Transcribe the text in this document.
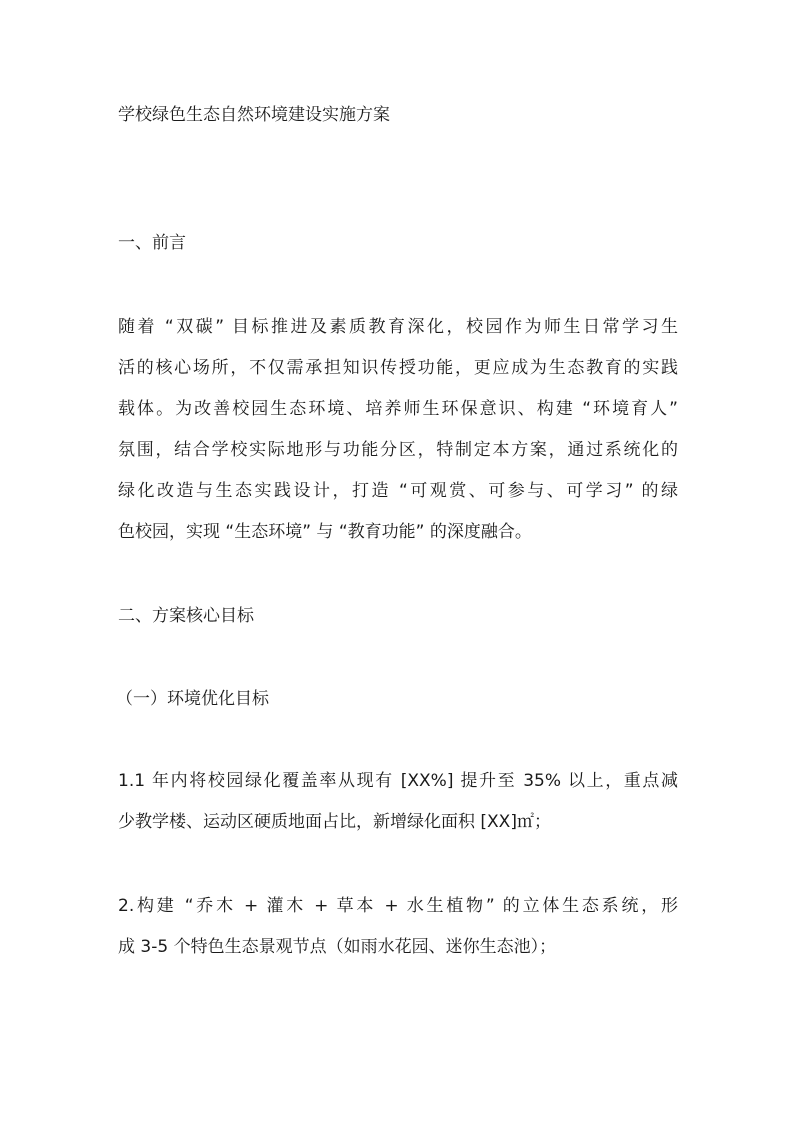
学校绿色生态自然环境建设实施方案
一、前言
随着 “双碳” 目标推进及素质教育深化，校园作为师生日常学习生
活的核心场所，不仅需承担知识传授功能，更应成为生态教育的实践
载体。为改善校园生态环境、培养师生环保意识、构建 “环境育人”
氛围，结合学校实际地形与功能分区，特制定本方案，通过系统化的
绿化改造与生态实践设计，打造 “可观赏、可参与、可学习” 的绿
色校园，实现 “生态环境” 与 “教育功能” 的深度融合。
二、方案核心目标
（一）环境优化目标
1.1 年内将校园绿化覆盖率从现有 [XX%] 提升至 35% 以上，重点减
少教学楼、运动区硬质地面占比，新增绿化面积 [XX]㎡；
2.构建 “乔木 + 灌木 + 草本 + 水生植物” 的立体生态系统，形
成 3-5 个特色生态景观节点（如雨水花园、迷你生态池）；
